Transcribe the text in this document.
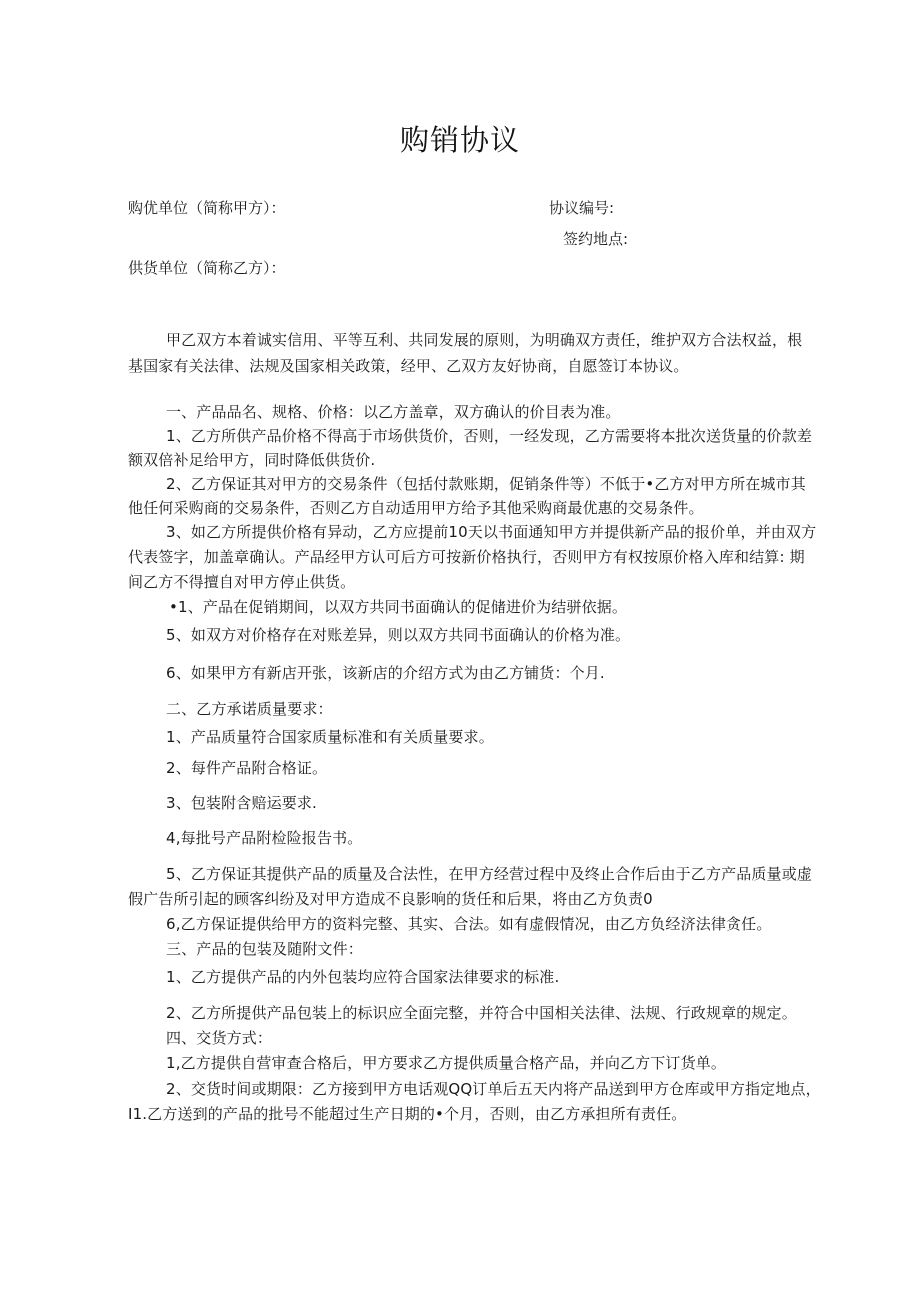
购销协议
购优单位（简称甲方）：	协议编号:
签约地点:
供货单位（简称乙方）：
甲乙双方本着诚实信用、平等互利、共同发展的原则，为明确双方责任，维护双方合法权益，根
基国家有关法律、法规及国家相关政策，经甲、乙双方友好协商，自愿签订本协议。
一、产品品名、规格、价格：以乙方盖章，双方确认的价目表为准。
1、乙方所供产品价格不得高于市场供货价，否则，一经发现，乙方需要将本批次送货量的价款差
额双倍补足给甲方，同时降低供货价.
2、乙方保证其对甲方的交易条件（包括付款账期，促销条件等）不低于•乙方对甲方所在城市其
他任何采购商的交易条件，否则乙方自动适用甲方给予其他采购商最优惠的交易条件。
3、如乙方所提供价格有异动，乙方应提前10天以书面通知甲方并提供新产品的报价单，并由双方
代表签字，加盖章确认。产品经甲方认可后方可按新价格执行，否则甲方有权按原价格入库和结算: 期
间乙方不得擅自对甲方停止供货。
•1、产品在促销期间，以双方共同书面确认的促储进价为结骈依据。
5、如双方对价格存在对账差异，则以双方共同书面确认的价格为准。
6、如果甲方有新店开张，该新店的介绍方式为由乙方铺货：个月.
二、乙方承诺质量要求：
1、产品质量符合国家质量标准和有关质量要求。
2、每件产品附合格证。
3、包装附含赔运要求.
4,每批号产品附检险报告书。
5、乙方保证其提供产品的质量及合法性，在甲方经营过程中及终止合作后由于乙方产品质量或虚
假广告所引起的顾客纠纷及对甲方造成不良影响的货任和后果，将由乙方负责0
6,乙方保证提供给甲方的资料完整、其实、合法。如有虚假情况，由乙方负经济法律贪任。
三、产品的包装及随附文件：
1、乙方提供产品的内外包装均应符合国家法律要求的标准.
2、乙方所提供产品包装上的标识应全面完整，并符合中国相关法律、法规、行政规章的规定。
四、交货方式：
1,乙方提供自营审查合格后，甲方要求乙方提供质量合格产品，并向乙方下订货单。
2、交货时间或期限：乙方接到甲方电话观QQ订单后五天内将产品送到甲方仓库或甲方指定地点，
I1.乙方送到的产品的批号不能超过生产日期的•个月，否则，由乙方承担所有责任。
